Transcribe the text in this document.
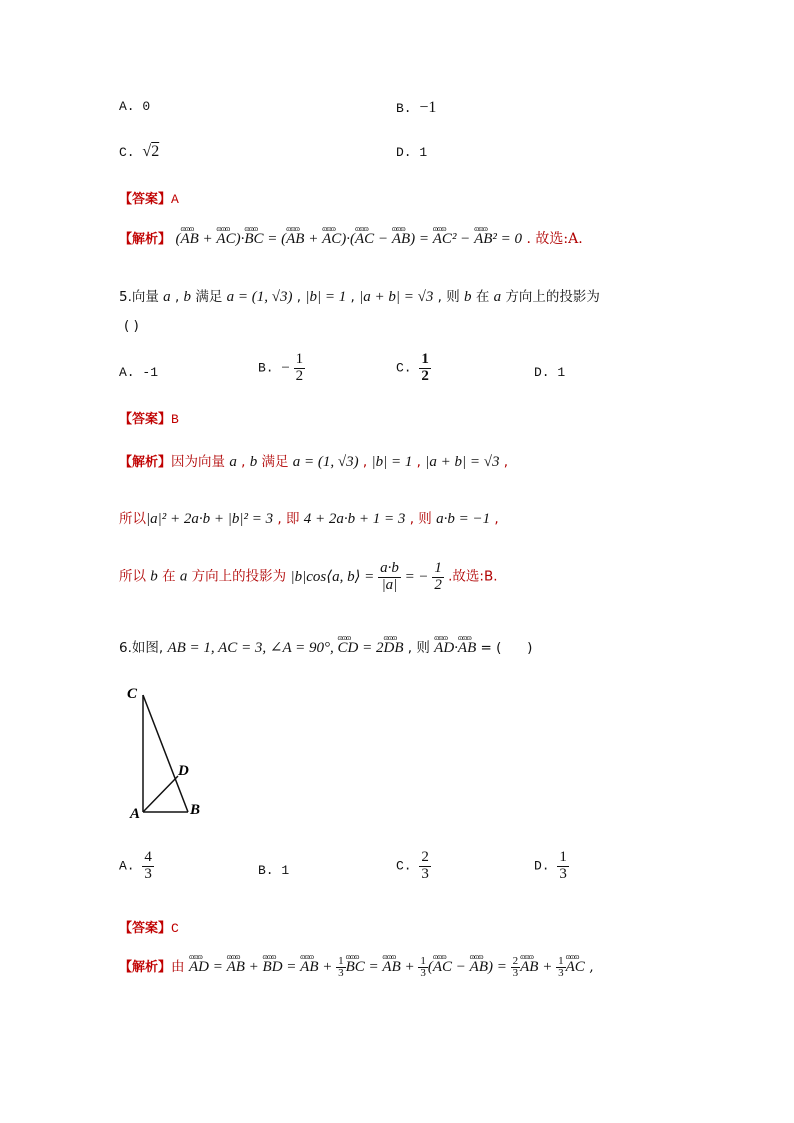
A. 0	B. −1
C. √2	D. 1
【答案】A
【解析】 (ɷɷɷ AB + ɷɷɷ AC)·ɷɷɷ BC = (ɷɷɷ AB + ɷɷɷ AC)·(ɷɷɷ AC − ɷɷɷ AB) = ɷɷɷ AC² − ɷɷɷ AB² = 0 . 故选:A.
5.向量 a , b 满足 a = (1, √3) , |b| = 1 , |a + b| = √3 , 则 b 在 a 方向上的投影为
( )
A. -1	B. − $\frac{1}{2}$	C. $\frac{1}{2}$	D. 1
【答案】B
【解析】因为向量 a , b 满足 a = (1, √3) , |b| = 1 , |a + b| = √3 ,
所以|a|² + 2a·b + |b|² = 3 , 即 4 + 2a·b + 1 = 3 , 则 a·b = −1 ,
所以 b 在 a 方向上的投影为 |b|cos⟨a, b⟩ = $\frac{a\cdot b}{|a|}$ = − $\frac{1}{2}$ .故选:B.
6.如图, AB = 1, AC = 3, ∠A = 90°, ɷɷɷ CD = 2ɷɷɷ DB , 则 ɷɷɷ AD·ɷɷɷ AB = (      )
C
D
A	B
A. $\frac{4}{3}$	B. 1	C. $\frac{2}{3}$	D. $\frac{1}{3}$
【答案】C
【解析】由 ɷɷɷ AD = ɷɷɷ AB + ɷɷɷ BD = ɷɷɷ AB + $\frac{1}{3}$ ɷɷɷ BC = ɷɷɷ AB + $\frac{1}{3}$ (ɷɷɷ AC − ɷɷɷ $AB) = \frac{2}{3}$ ɷɷɷ AB + $\frac{1}{3}$ ɷɷɷ AC ,
